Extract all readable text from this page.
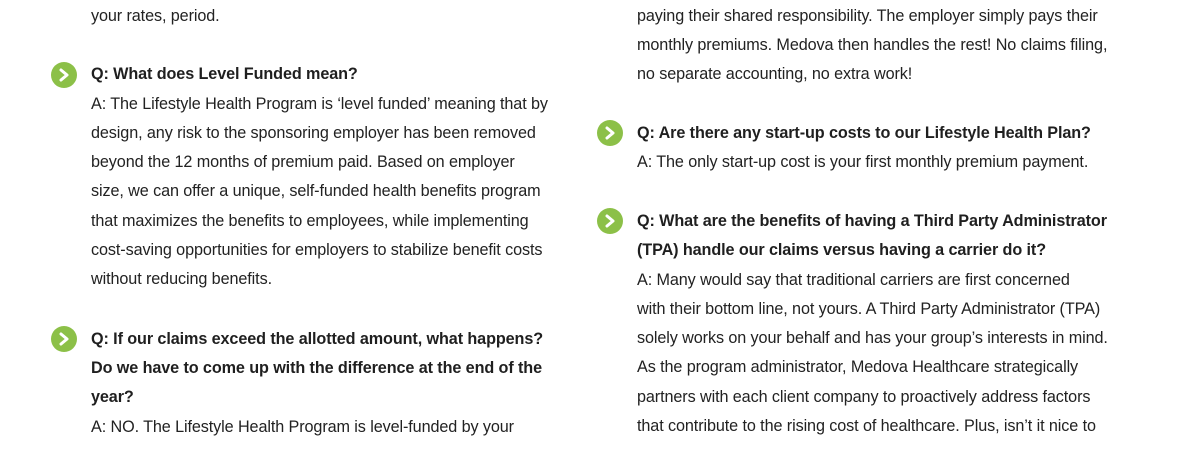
your rates, period.
Q: What does Level Funded mean?
A: The Lifestyle Health Program is ‘level funded’ meaning that by
design, any risk to the sponsoring employer has been removed
beyond the 12 months of premium paid. Based on employer
size, we can offer a unique, self-funded health benefits program
that maximizes the benefits to employees, while implementing
cost-saving opportunities for employers to stabilize benefit costs
without reducing benefits.
Q: If our claims exceed the allotted amount, what happens?
Do we have to come up with the difference at the end of the
year?
A: NO. The Lifestyle Health Program is level-funded by your
paying their shared responsibility. The employer simply pays their
monthly premiums. Medova then handles the rest! No claims filing,
no separate accounting, no extra work!
Q: Are there any start-up costs to our Lifestyle Health Plan?
A: The only start-up cost is your first monthly premium payment.
Q: What are the benefits of having a Third Party Administrator
(TPA) handle our claims versus having a carrier do it?
A: Many would say that traditional carriers are first concerned
with their bottom line, not yours. A Third Party Administrator (TPA)
solely works on your behalf and has your group’s interests in mind.
As the program administrator, Medova Healthcare strategically
partners with each client company to proactively address factors
that contribute to the rising cost of healthcare. Plus, isn’t it nice to
